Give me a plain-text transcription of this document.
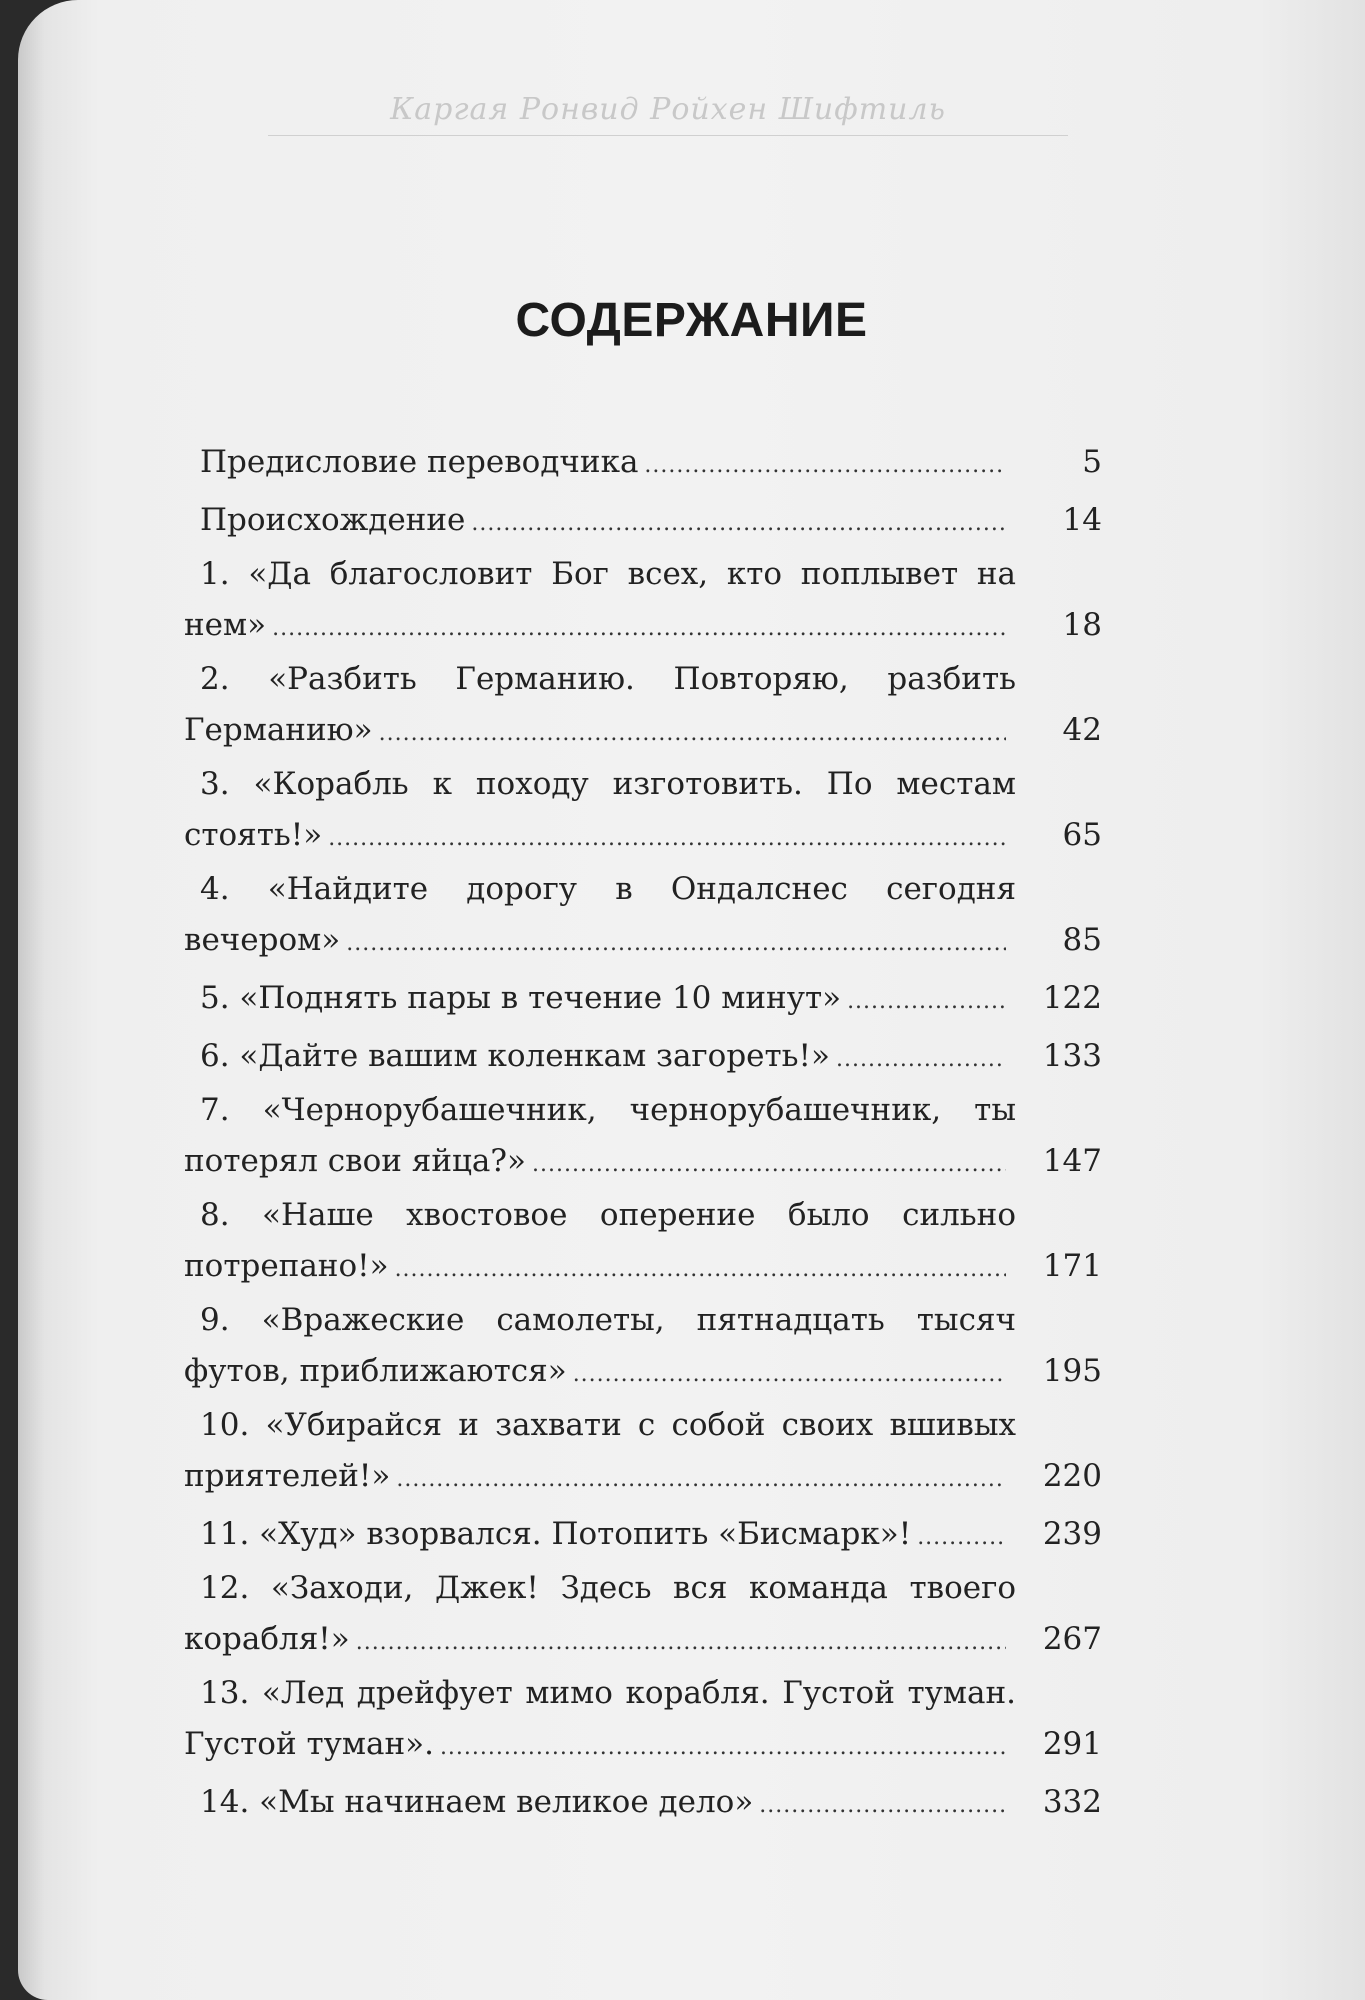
Каргая Ронвид Ройхен Шифтиль
СОДЕРЖАНИЕ
Предисловие переводчика .....	5
Происхождение .....	14
1. «Да благословит Бог всех, кто поплывет на
нем» .....	18
2. «Разбить Германию. Повторяю, разбить
Германию» .....	42
3. «Корабль к походу изготовить. По местам
стоять!» .....	65
4. «Найдите дорогу в Ондалснес сегодня
вечером» .....	85
5. «Поднять пары в течение 10 минут» .....	122
6. «Дайте вашим коленкам загореть!» .....	133
7. «Чернорубашечник, чернорубашечник, ты
потерял свои яйца?» .....	147
8. «Наше хвостовое оперение было сильно
потрепано!» .....	171
9. «Вражеские самолеты, пятнадцать тысяч
футов, приближаются» .....	195
10. «Убирайся и захвати с собой своих вшивых
приятелей!» .....	220
11. «Худ» взорвался. Потопить «Бисмарк»! .....	239
12. «Заходи, Джек! Здесь вся команда твоего
корабля!» .....	267
13. «Лед дрейфует мимо корабля. Густой туман.
Густой туман». .....	291
14. «Мы начинаем великое дело» .....	332
